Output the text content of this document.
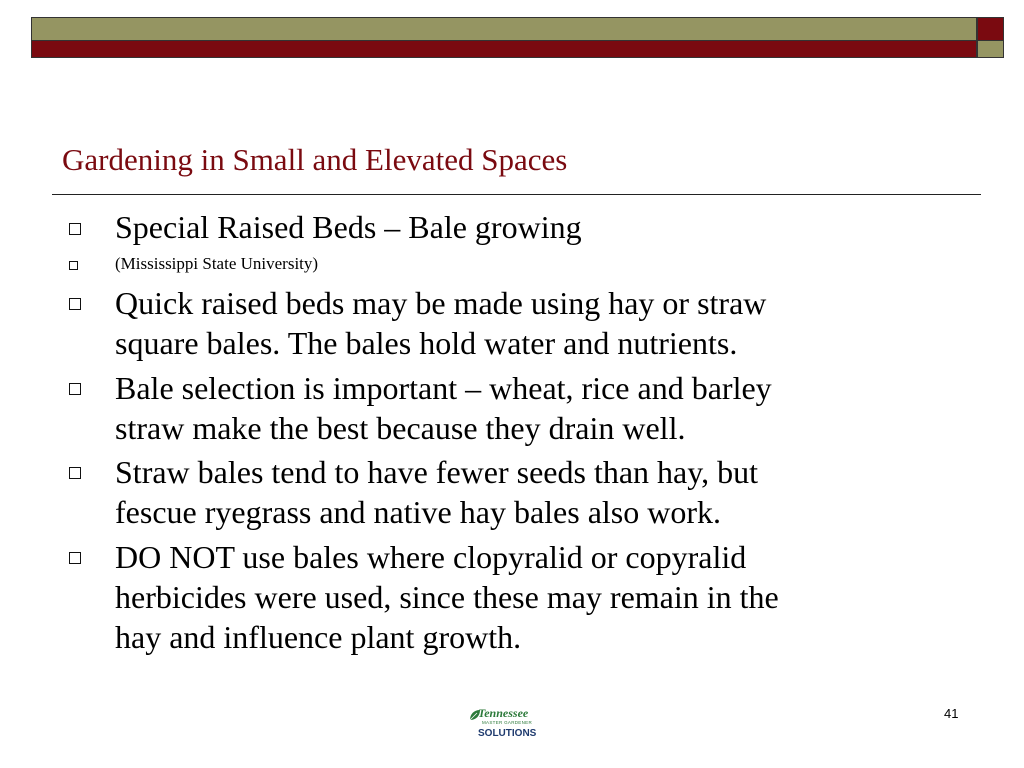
Gardening in Small and Elevated Spaces
Special Raised Beds – Bale growing
(Mississippi State University)
Quick raised beds may be made using hay or straw
square bales. The bales hold water and nutrients.
Bale selection is important – wheat, rice and barley
straw make the best because they drain well.
Straw bales tend to have fewer seeds than hay, but
fescue ryegrass and native hay bales also work.
DO NOT use bales where clopyralid or copyralid
herbicides were used, since these may remain in the
hay and influence plant growth.
Tennessee
MASTER GARDENER
SOLUTIONS
41
